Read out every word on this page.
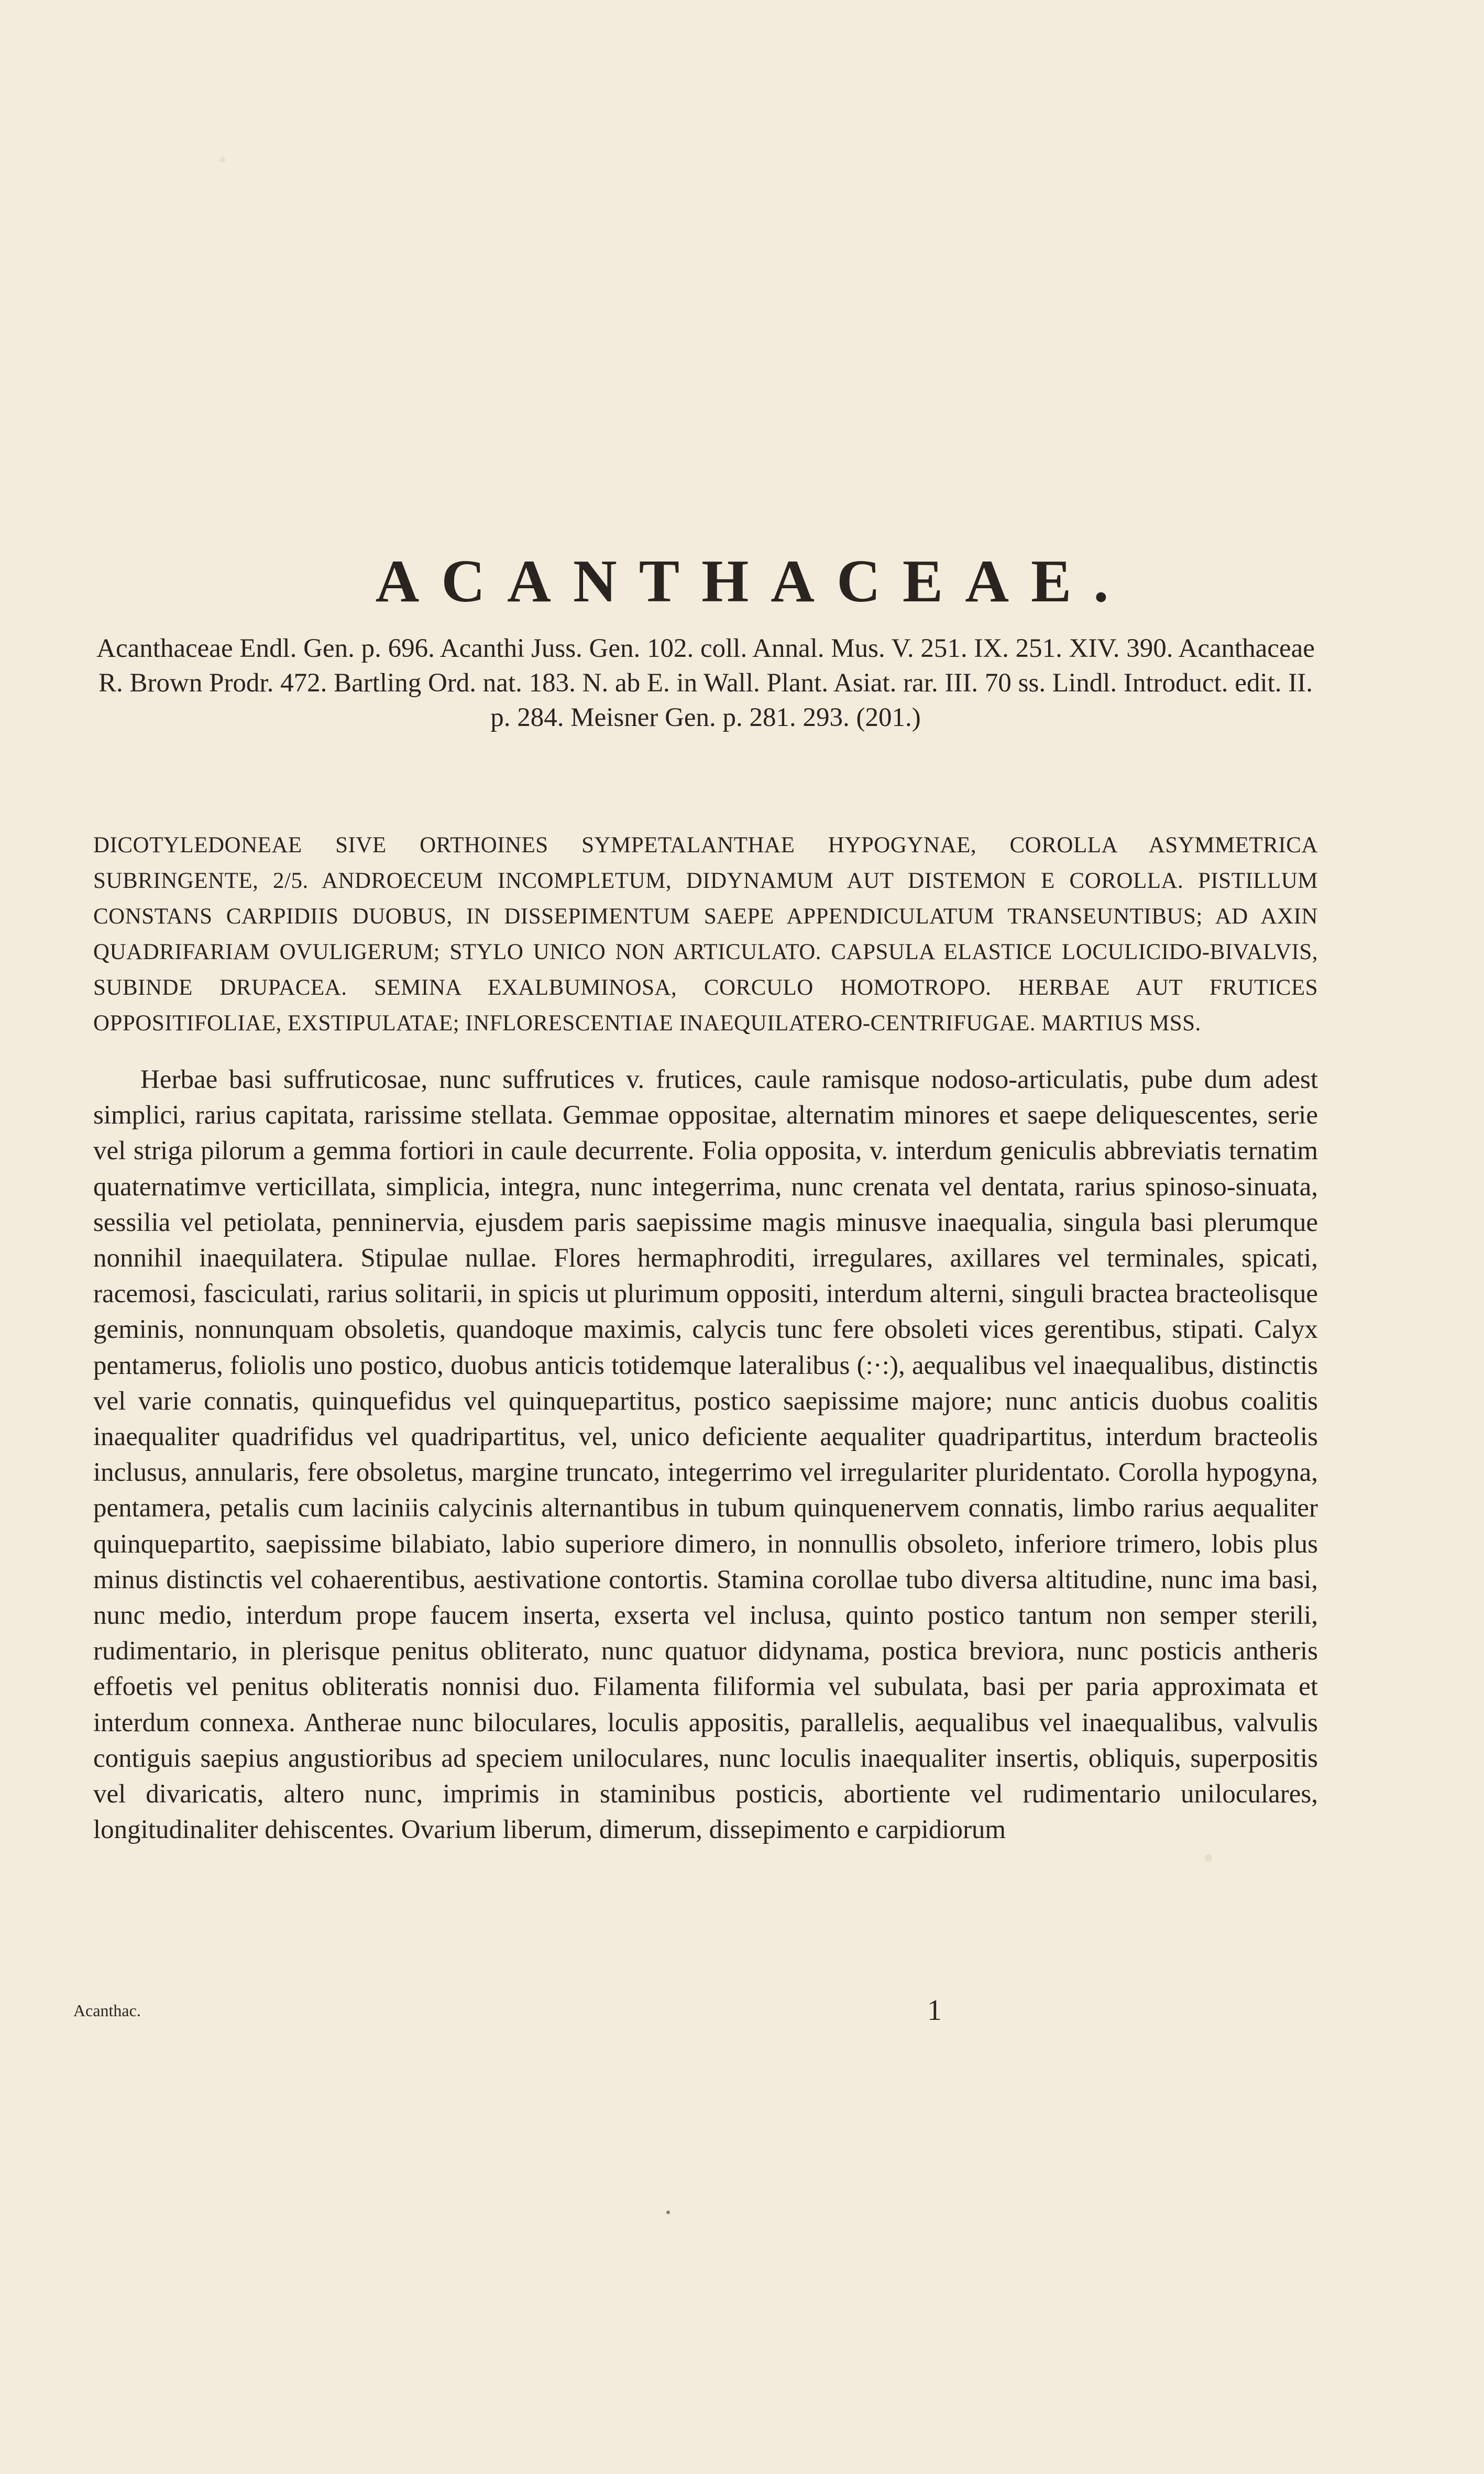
ACANTHACEAE.

Acanthaceae Endl. Gen. p. 696. Acanthi Juss. Gen. 102. coll. Annal. Mus. V. 251. IX. 251. XIV. 390. Acanthaceae R. Brown Prodr. 472. Bartling Ord. nat. 183. N. ab E. in Wall. Plant. Asiat. rar. III. 70 ss. Lindl. Introduct. edit. II. p. 284. Meisner Gen. p. 281. 293. (201.)

DICOTYLEDONEAE SIVE ORTHOINES SYMPETALANTHAE HYPOGYNAE, COROLLA ASYMMETRICA SUBRINGENTE, 2/5. ANDROECEUM INCOMPLETUM, DIDYNAMUM AUT DISTEMON E COROLLA. PISTILLUM CONSTANS CARPIDIIS DUOBUS, IN DISSEPIMENTUM SAEPE APPENDICULATUM TRANSEUNTIBUS; AD AXIN QUADRIFARIAM OVULIGERUM; STYLO UNICO NON ARTICULATO. CAPSULA ELASTICE LOCULICIDO-BIVALVIS, SUBINDE DRUPACEA. SEMINA EXALBUMINOSA, CORCULO HOMOTROPO. HERBAE AUT FRUTICES OPPOSITIFOLIAE, EXSTIPULATAE; INFLORESCENTIAE INAEQUILATERO-CENTRIFUGAE. MARTIUS MSS.

Herbae basi suffruticosae, nunc suffrutices v. frutices, caule ramisque nodoso-articulatis, pube dum adest simplici, rarius capitata, rarissime stellata. Gemmae oppositae, alternatim minores et saepe deliquescentes, serie vel striga pilorum a gemma fortiori in caule decurrente. Folia opposita, v. interdum geniculis abbreviatis ternatim quaternatimve verticillata, simplicia, integra, nunc integerrima, nunc crenata vel dentata, rarius spinoso-sinuata, sessilia vel petiolata, penninervia, ejusdem paris saepissime magis minusve inaequalia, singula basi plerumque nonnihil inaequilatera. Stipulae nullae. Flores hermaphroditi, irregulares, axillares vel terminales, spicati, racemosi, fasciculati, rarius solitarii, in spicis ut plurimum oppositi, interdum alterni, singuli bractea bracteolisque geminis, nonnunquam obsoletis, quandoque maximis, calycis tunc fere obsoleti vices gerentibus, stipati. Calyx pentamerus, foliolis uno postico, duobus anticis totidemque lateralibus (:·:), aequalibus vel inaequalibus, distinctis vel varie connatis, quinquefidus vel quinquepartitus, postico saepissime majore; nunc anticis duobus coalitis inaequaliter quadrifidus vel quadripartitus, vel, unico deficiente aequaliter quadripartitus, interdum bracteolis inclusus, annularis, fere obsoletus, margine truncato, integerrimo vel irregulariter pluridentato. Corolla hypogyna, pentamera, petalis cum laciniis calycinis alternantibus in tubum quinquenervem connatis, limbo rarius aequaliter quinquepartito, saepissime bilabiato, labio superiore dimero, in nonnullis obsoleto, inferiore trimero, lobis plus minus distinctis vel cohaerentibus, aestivatione contortis. Stamina corollae tubo diversa altitudine, nunc ima basi, nunc medio, interdum prope faucem inserta, exserta vel inclusa, quinto postico tantum non semper sterili, rudimentario, in plerisque penitus obliterato, nunc quatuor didynama, postica breviora, nunc posticis antheris effoetis vel penitus obliteratis nonnisi duo. Filamenta filiformia vel subulata, basi per paria approximata et interdum connexa. Antherae nunc biloculares, loculis appositis, parallelis, aequalibus vel inaequalibus, valvulis contiguis saepius angustioribus ad speciem uniloculares, nunc loculis inaequaliter insertis, obliquis, superpositis vel divaricatis, altero nunc, imprimis in staminibus posticis, abortiente vel rudimentario uniloculares, longitudinaliter dehiscentes. Ovarium liberum, dimerum, dissepimento e carpidiorum

Acanthac.	1
